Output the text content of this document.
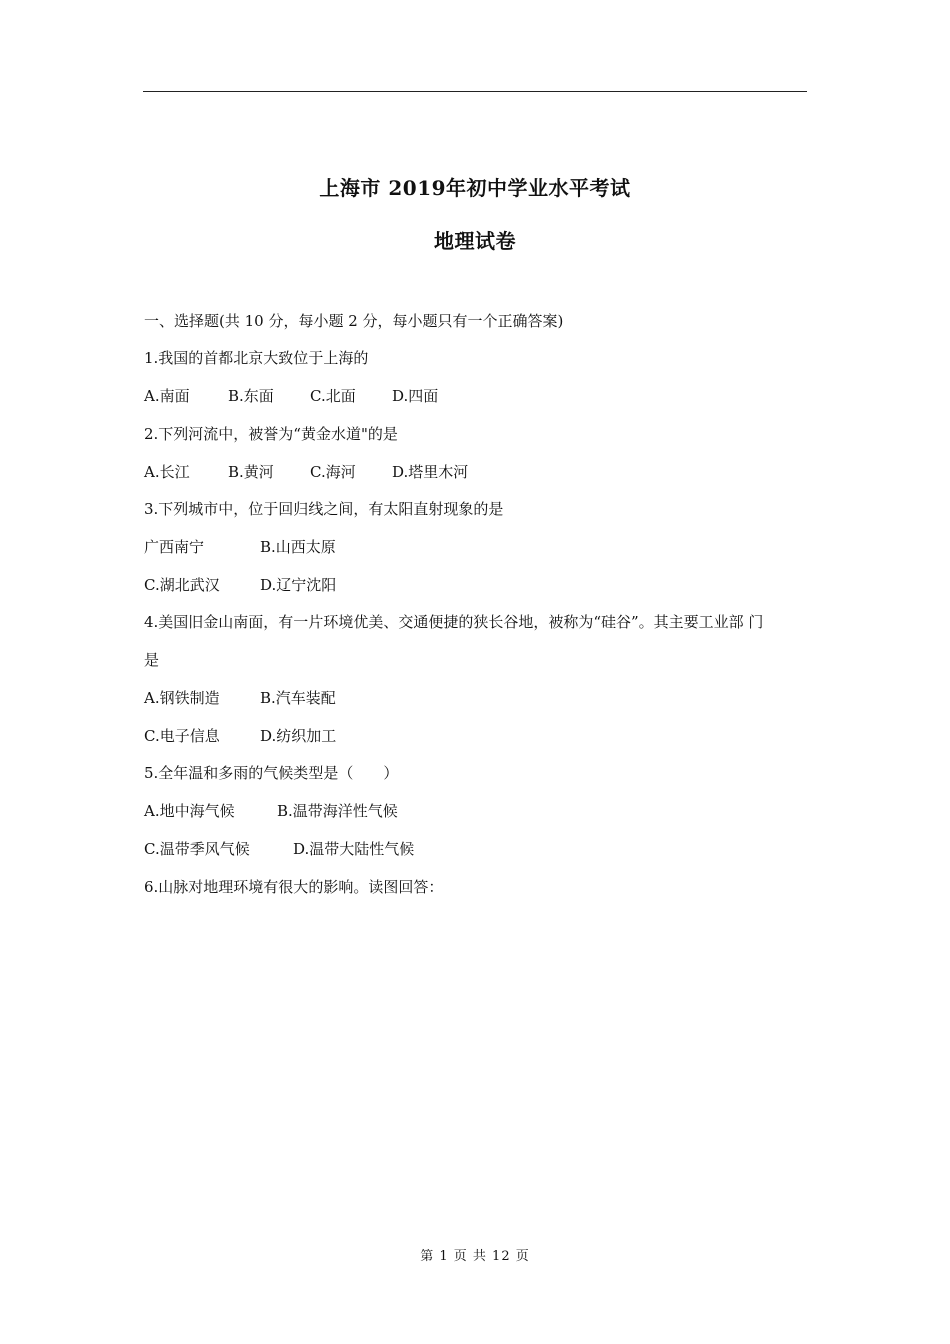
上海市 2019年初中学业水平考试
地理试卷
一、选择题(共 10 分，每小题 2 分，每小题只有一个正确答案)
1.我国的首都北京大致位于上海的
A.南面	B.东面 C.北面 D.四面
2.下列河流中，被誉为“黄金水道"的是
A.长江	B.黄河 C.海河 D.塔里木河
3.下列城市中，位于回归线之间，有太阳直射现象的是
广西南宁	B.山西太原
C.湖北武汉	D.辽宁沈阳
4.美国旧金山南面，有一片环境优美、交通便捷的狭长谷地，被称为“硅谷”。其主要工业部 门
是
A.钢铁制造	B.汽车装配
C.电子信息	D.纺织加工
5.全年温和多雨的气候类型是（　　）
A.地中海气候	B.温带海洋性气候
C.温带季风气候	D.温带大陆性气候
6.山脉对地理环境有很大的影响。读图回答：
第 1 页 共 12 页
